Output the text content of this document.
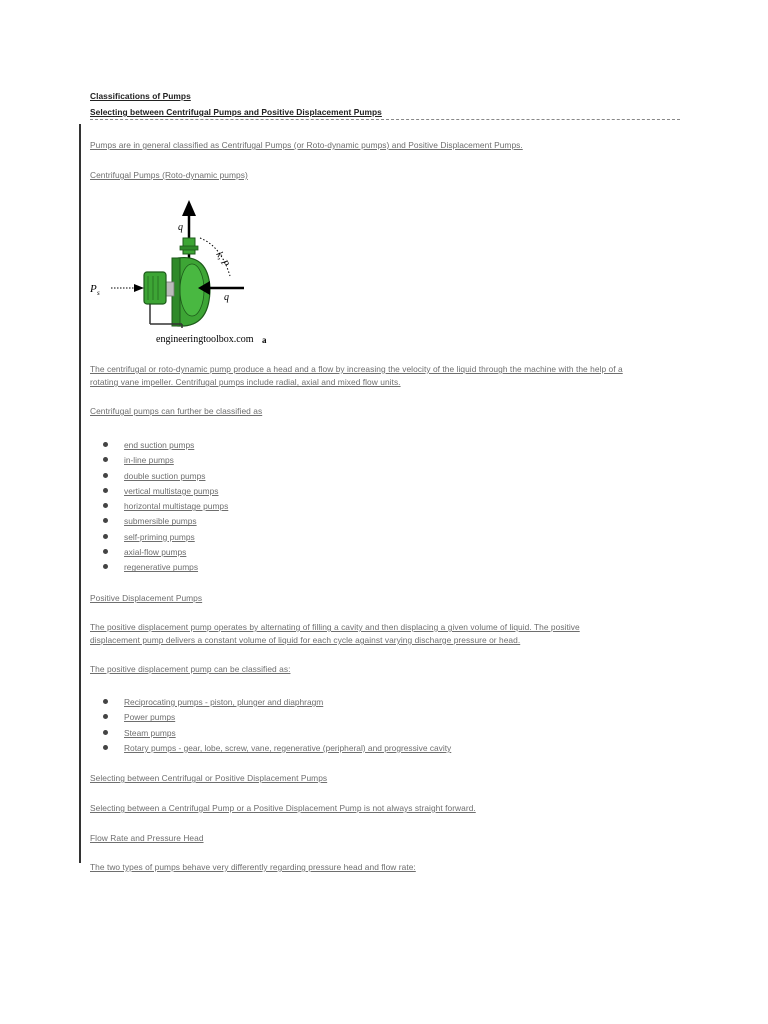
Classifications of Pumps
Selecting between Centrifugal Pumps and Positive Displacement Pumps
Pumps are in general classified as Centrifugal Pumps (or Roto-dynamic pumps) and Positive Displacement Pumps.
Centrifugal Pumps (Roto-dynamic pumps)
q
k, P
P s	q
engineeringtoolbox.com a
The centrifugal or roto-dynamic pump produce a head and a flow by increasing the velocity of the liquid through the machine with the help of a
rotating vane impeller. Centrifugal pumps include radial, axial and mixed flow units.
Centrifugal pumps can further be classified as
end suction pumps
in-line pumps
double suction pumps
vertical multistage pumps
horizontal multistage pumps
submersible pumps
self-priming pumps
axial-flow pumps
regenerative pumps
Positive Displacement Pumps
The positive displacement pump operates by alternating of filling a cavity and then displacing a given volume of liquid. The positive
displacement pump delivers a constant volume of liquid for each cycle against varying discharge pressure or head.
The positive displacement pump can be classified as:
Reciprocating pumps - piston, plunger and diaphragm
Power pumps
Steam pumps
Rotary pumps - gear, lobe, screw, vane, regenerative (peripheral) and progressive cavity
Selecting between Centrifugal or Positive Displacement Pumps
Selecting between a Centrifugal Pump or a Positive Displacement Pump is not always straight forward.
Flow Rate and Pressure Head
The two types of pumps behave very differently regarding pressure head and flow rate:
